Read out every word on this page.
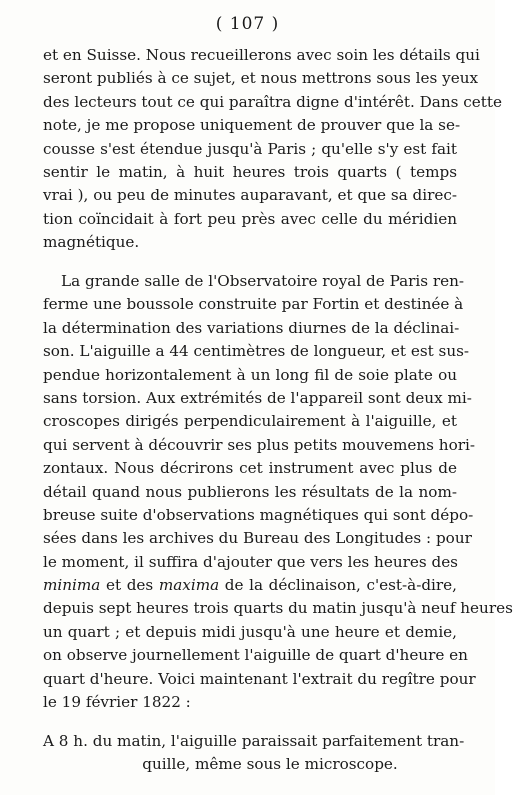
( 107 )
et en Suisse. Nous recueillerons avec soin les détails qui
seront publiés à ce sujet, et nous mettrons sous les yeux
des lecteurs tout ce qui paraîtra digne d'intérêt. Dans cette
note, je me propose uniquement de prouver que la se-
cousse s'est étendue jusqu'à Paris ; qu'elle s'y est fait
sentir le matin, à huit heures trois quarts ( temps
vrai ), ou peu de minutes auparavant, et que sa direc-
tion coïncidait à fort peu près avec celle du méridien
magnétique.
La grande salle de l'Observatoire royal de Paris ren-
ferme une boussole construite par Fortin et destinée à
la détermination des variations diurnes de la déclinai-
son. L'aiguille a 44 centimètres de longueur, et est sus-
pendue horizontalement à un long fil de soie plate ou
sans torsion. Aux extrémités de l'appareil sont deux mi-
croscopes dirigés perpendiculairement à l'aiguille, et
qui servent à découvrir ses plus petits mouvemens hori-
zontaux. Nous décrirons cet instrument avec plus de
détail quand nous publierons les résultats de la nom-
breuse suite d'observations magnétiques qui sont dépo-
sées dans les archives du Bureau des Longitudes : pour
le moment, il suffira d'ajouter que vers les heures des
minima et des maxima de la déclinaison, c'est-à-dire,
depuis sept heures trois quarts du matin jusqu'à neuf heures
un quart ; et depuis midi jusqu'à une heure et demie,
on observe journellement l'aiguille de quart d'heure en
quart d'heure. Voici maintenant l'extrait du regître pour
le 19 février 1822 :
A 8 h. du matin, l'aiguille paraissait parfaitement tran-
quille, même sous le microscope.
